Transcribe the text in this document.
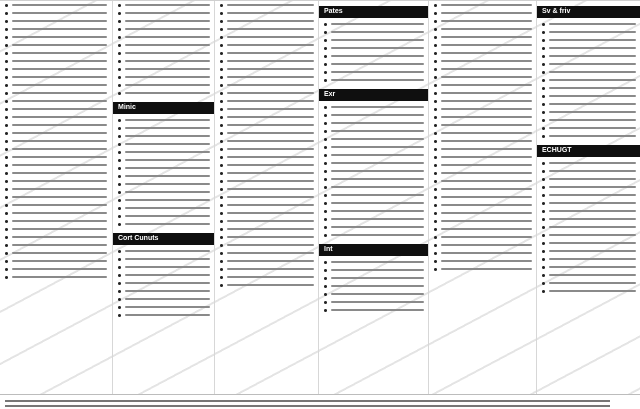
Minic
Cort Cunuts
Pates
Exr
Int
Sv & friv
ECHUGT
